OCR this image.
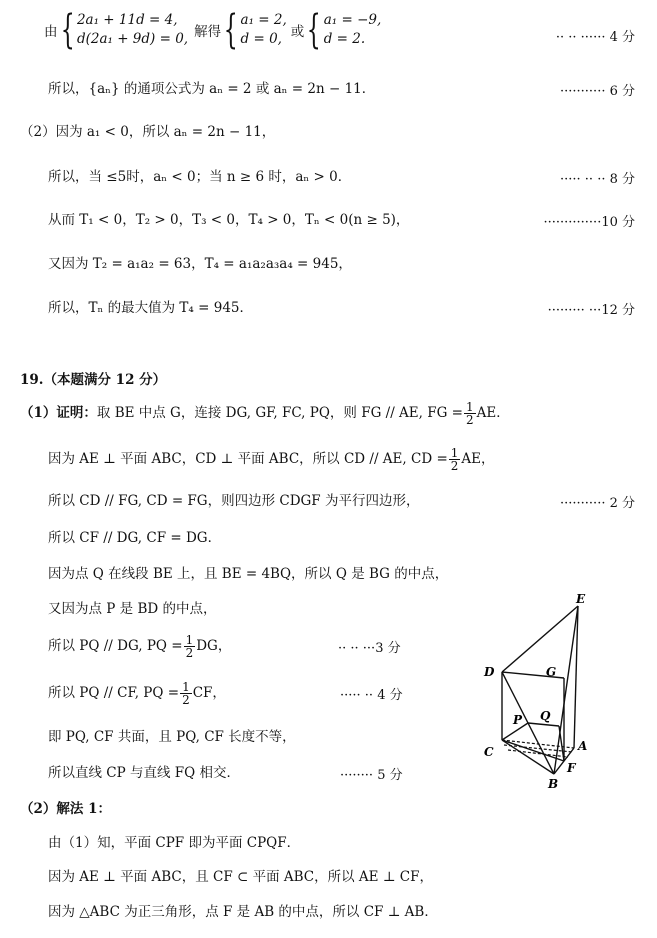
由 { 2a₁ + 11d = 4,
d(2a₁ + 9d) = 0, 解得 { a₁ = 2,
d = 0, 或 { a₁ = −9,
d = 2.	·· ·· ······ 4 分
所以，{aₙ} 的通项公式为 aₙ = 2 或 aₙ = 2n − 11．	··········· 6 分
（2）因为 a₁ < 0，所以 aₙ = 2n − 11，
所以，当 ≤5时，aₙ < 0；当 n ≥ 6 时，aₙ > 0．	····· ·· ·· 8 分
从而 T₁ < 0，T₂ > 0，T₃ < 0，T₄ > 0，Tₙ < 0(n ≥ 5)，	··············10 分
又因为 T₂ = a₁a₂ = 63，T₄ = a₁a₂a₃a₄ = 945，
所以，Tₙ 的最大值为 T₄ = 945．	········· ···12 分
19.（本题满分 12 分）
（1）证明：取 BE 中点 G，连接 DG, GF, FC, PQ，则 FG // AE, FG = $\frac{1}{2}$ AE．
因为 AE ⊥ 平面 ABC，CD ⊥ 平面 ABC，所以 CD // AE, CD = $\frac{1}{2}$ AE，
所以 CD // FG, CD = FG，则四边形 CDGF 为平行四边形，	··········· 2 分
所以 CF // DG, CF = DG．
因为点 Q 在线段 BE 上，且 BE = 4BQ，所以 Q 是 BG 的中点，
又因为点 P 是 BD 的中点，
所以 PQ // DG, PQ = $\frac{1}{2}$ DG，	·· ·· ···3 分
所以 PQ // CF, PQ = $\frac{1}{2}$ CF，	····· ·· 4 分
即 PQ, CF 共面，且 PQ, CF 长度不等，
所以直线 CP 与直线 FQ 相交．	········ 5 分
（2）解法 1：
由（1）知，平面 CPF 即为平面 CPQF．
因为 AE ⊥ 平面 ABC，且 CF ⊂ 平面 ABC，所以 AE ⊥ CF，
因为 △ABC 为正三角形，点 F 是 AB 的中点，所以 CF ⊥ AB．
E
D	G
P Q
C	A
F
B
